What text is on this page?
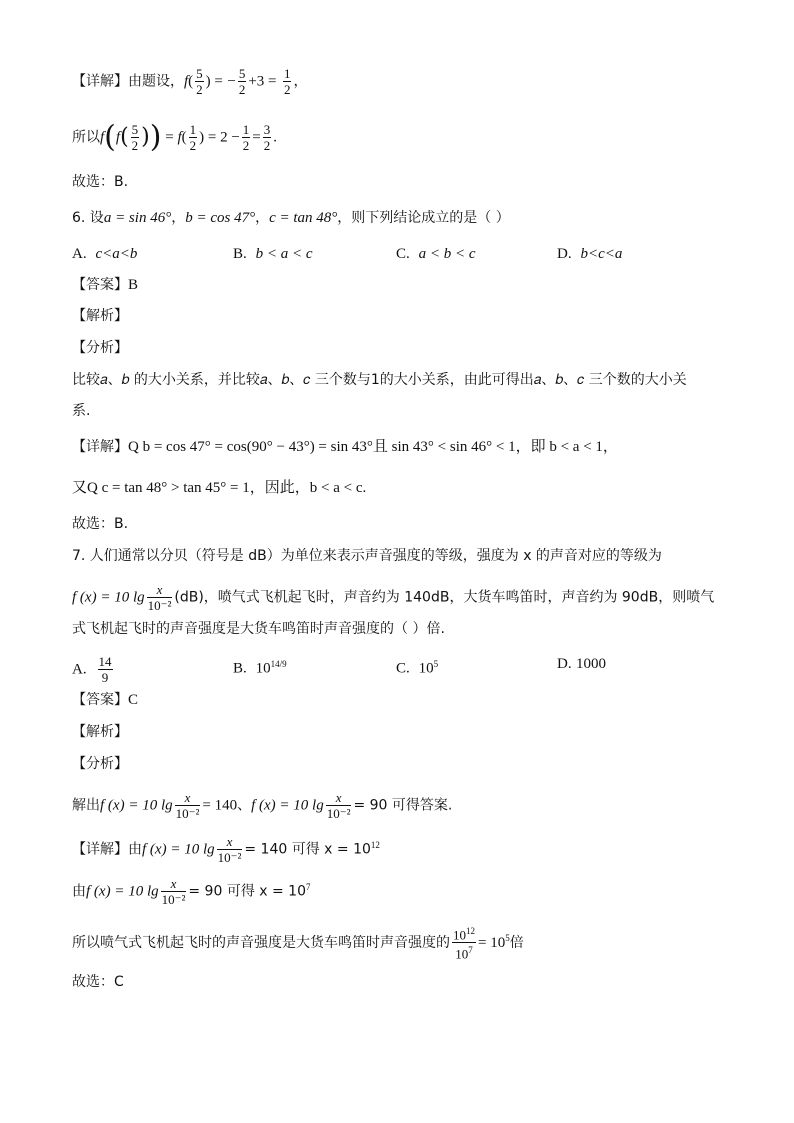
【详解】由题设，$f( \frac{5}{2}$ ) = − $\frac{5}{2} +3 = \frac{1}{2}$ ，
所以$f(f( \frac{5}{2}$ )) = $f( \frac{1}{2}$ ) = $2 - \frac{1}{2} = \frac{3}{2}$ .
故选：B.
6. 设a = sin 46°，b = cos 47°，c = tan 48°，则下列结论成立的是（ ）
A. c<a<b	B. b < a < c	C. a < b < c	D. b<c<a
【答案】B
【解析】
【分析】
比较𝑎、𝑏 的大小关系，并比较𝑎、𝑏、𝑐 三个数与1的大小关系，由此可得出𝑎、𝑏、𝑐 三个数的大小关
系.
【详解】Q b = cos 47° = cos(90° − 43°) = sin 43°且 sin 43° < sin 46° < 1，即 b < a < 1，
又Q c = tan 48° > tan 45° = 1，因此，b < a < c.
故选：B.
7. 人们通常以分贝（符号是 dB）为单位来表示声音强度的等级，强度为 x 的声音对应的等级为
f (x) = 10 $\lg \frac{x}{\text{10⁻²}} (dB)$，喷气式飞机起飞时，声音约为 140dB，大货车鸣笛时，声音约为 90dB，则喷气
式飞机起飞时的声音强度是大货车鸣笛时声音强度的（ ）倍.
A. $\frac{14}{9}$	B. $10^{14/9}$	C. $10^5$	D. 1000
【答案】C
【解析】
【分析】
解出f (x) = 10 $\lg \frac{x}{\text{10⁻²}} = 140$、f (x) = 10 $\lg \frac{x}{\text{10⁻²}} = 90$ 可得答案.
【详解】由f (x) = 10 $\lg \frac{x}{\text{10⁻²}} = 140$ 可得 $x = 10^{12}$
由f (x) = 10 $\lg \frac{x}{\text{10⁻²}} = 90$ 可得 $x = 10^7$
所以喷气式飞机起飞时的声音强度是大货车鸣笛时声音强度的 $\frac{10^{12}}{10^7} = 10^5$倍
故选：C
